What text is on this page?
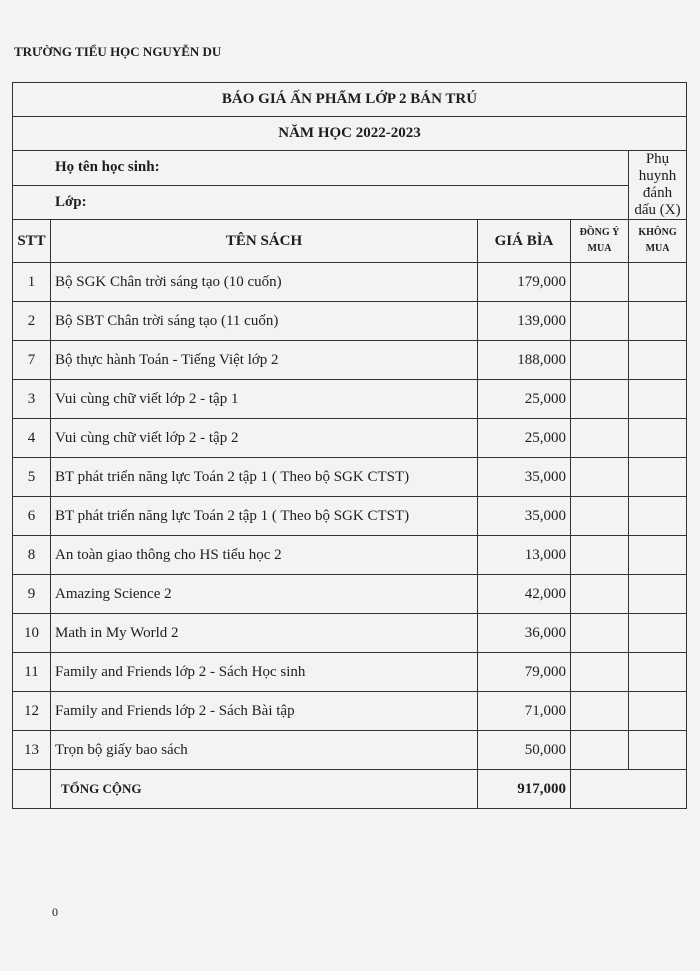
TRƯỜNG TIỂU HỌC NGUYỄN DU
BÁO GIÁ ẤN PHẨM LỚP 2 BÁN TRÚ				
NĂM HỌC 2022-2023				
Họ tên học sinh:				Phụ huynh đánh dấu (X)
Lớp:				
STT	TÊN SÁCH	GIÁ BÌA	ĐỒNG Ý MUA	KHÔNG MUA
1	Bộ SGK Chân trời sáng tạo (10 cuốn)	179,000		
2	Bộ SBT Chân trời sáng tạo (11 cuốn)	139,000		
7	Bộ thực hành Toán - Tiếng Việt lớp 2	188,000		
3	Vui cùng chữ viết lớp 2 - tập 1	25,000		
4	Vui cùng chữ viết lớp 2 - tập 2	25,000		
5	BT phát triển năng lực Toán 2 tập 1 ( Theo bộ SGK CTST)	35,000		
6	BT phát triển năng lực Toán 2 tập 1 ( Theo bộ SGK CTST)	35,000		
8	An toàn giao thông cho HS tiểu học 2	13,000		
9	Amazing Science 2	42,000		
10	Math in My World 2	36,000		
11	Family and Friends lớp 2 - Sách Học sinh	79,000		
12	Family and Friends lớp 2 - Sách Bài tập	71,000		
13	Trọn bộ giấy bao sách	50,000		
	TỔNG CỘNG	917,000		
0
